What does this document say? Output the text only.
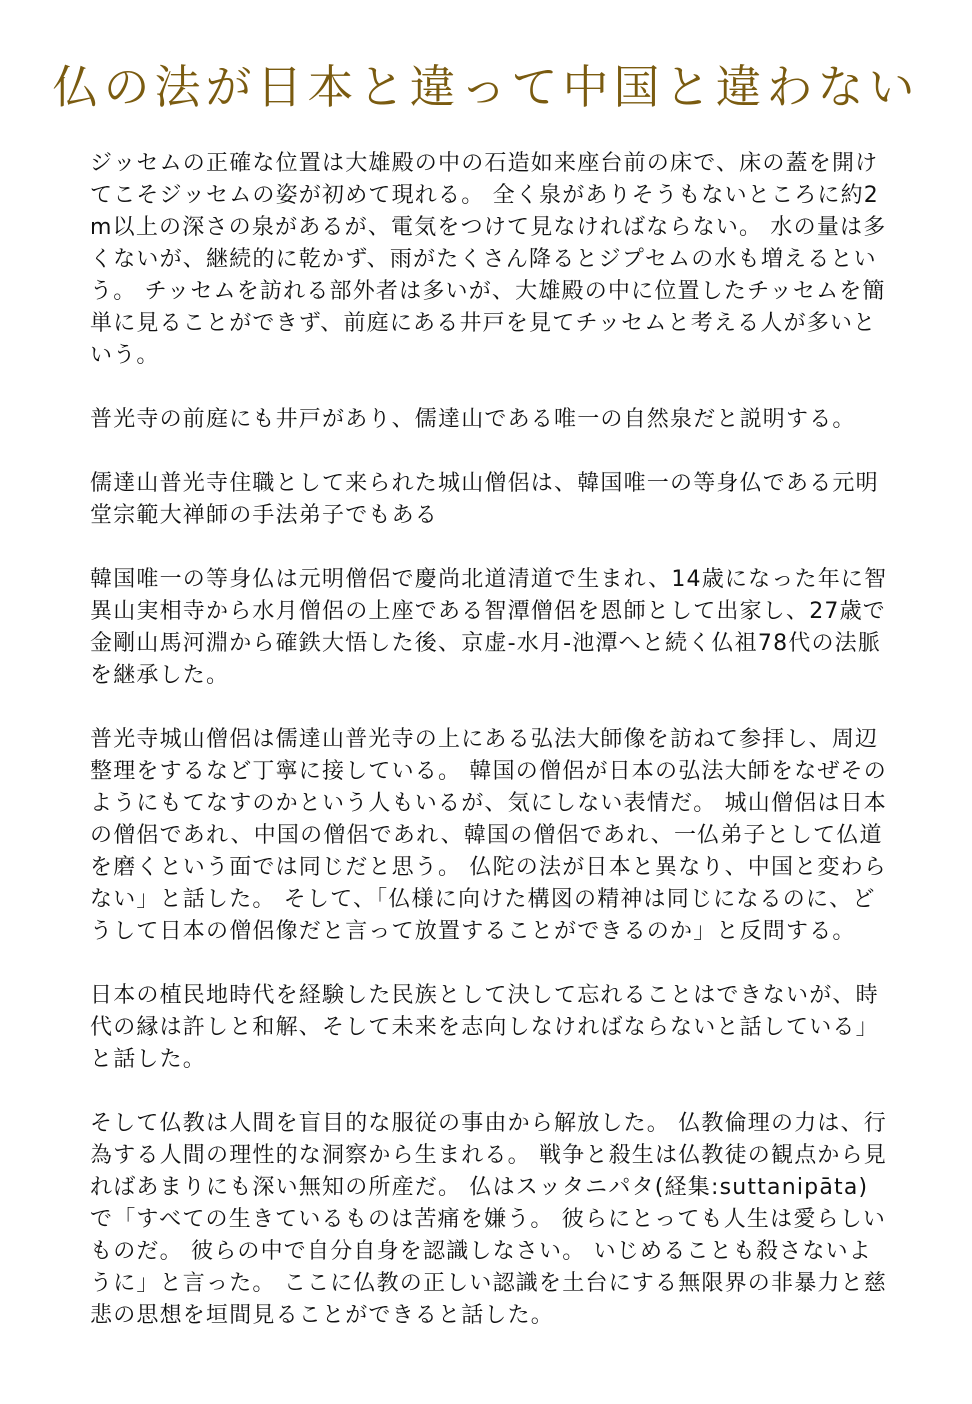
仏の法が日本と違って中国と違わない

ジッセムの正確な位置は大雄殿の中の石造如来座台前の床で、床の蓋を開けてこそジッセムの姿が初めて現れる。 全く泉がありそうもないところに約2m以上の深さの泉があるが、電気をつけて見なければならない。 水の量は多くないが、継続的に乾かず、雨がたくさん降るとジプセムの水も増えるという。 チッセムを訪れる部外者は多いが、大雄殿の中に位置したチッセムを簡単に見ることができず、前庭にある井戸を見てチッセムと考える人が多いという。

普光寺の前庭にも井戸があり、儒達山である唯一の自然泉だと説明する。

儒達山普光寺住職として来られた城山僧侶は、韓国唯一の等身仏である元明堂宗範大禅師の手法弟子でもある

韓国唯一の等身仏は元明僧侶で慶尚北道清道で生まれ、14歳になった年に智異山実相寺から水月僧侶の上座である智潭僧侶を恩師として出家し、27歳で金剛山馬河淵から確鉄大悟した後、京虚-水月-池潭へと続く仏祖78代の法脈を継承した。

普光寺城山僧侶は儒達山普光寺の上にある弘法大師像を訪ねて参拝し、周辺整理をするなど丁寧に接している。 韓国の僧侶が日本の弘法大師をなぜそのようにもてなすのかという人もいるが、気にしない表情だ。 城山僧侶は日本の僧侶であれ、中国の僧侶であれ、韓国の僧侶であれ、一仏弟子として仏道を磨くという面では同じだと思う。 仏陀の法が日本と異なり、中国と変わらない」と話した。 そして、「仏様に向けた構図の精神は同じになるのに、どうして日本の僧侶像だと言って放置することができるのか」と反問する。

日本の植民地時代を経験した民族として決して忘れることはできないが、時代の縁は許しと和解、そして未来を志向しなければならないと話している」と話した。

そして仏教は人間を盲目的な服従の事由から解放した。 仏教倫理の力は、行為する人間の理性的な洞察から生まれる。 戦争と殺生は仏教徒の観点から見ればあまりにも深い無知の所産だ。 仏はスッタニパタ(経集:suttanipāta)で「すべての生きているものは苦痛を嫌う。 彼らにとっても人生は愛らしいものだ。 彼らの中で自分自身を認識しなさい。 いじめることも殺さないように」と言った。 ここに仏教の正しい認識を土台にする無限界の非暴力と慈悲の思想を垣間見ることができると話した。
